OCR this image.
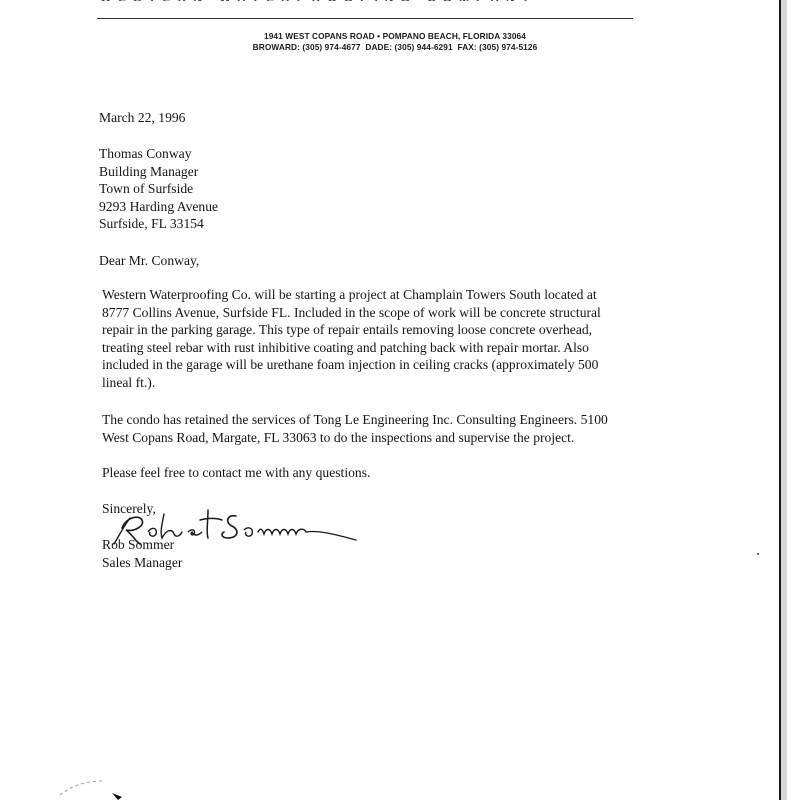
1941 WEST COPANS ROAD • POMPANO BEACH, FLORIDA 33064
BROWARD: (305) 974-4677  DADE: (305) 944-6291  FAX: (305) 974-5126
March 22, 1996
Thomas Conway
Building Manager
Town of Surfside
9293 Harding Avenue
Surfside, FL 33154
Dear Mr. Conway,
Western Waterproofing Co. will be starting a project at Champlain Towers South located at
8777 Collins Avenue, Surfside FL. Included in the scope of work will be concrete structural
repair in the parking garage. This type of repair entails removing loose concrete overhead,
treating steel rebar with rust inhibitive coating and patching back with repair mortar. Also
included in the garage will be urethane foam injection in ceiling cracks (approximately 500
lineal ft.).
The condo has retained the services of Tong Le Engineering Inc. Consulting Engineers. 5100
West Copans Road, Margate, FL 33063 to do the inspections and supervise the project.
Please feel free to contact me with any questions.
Sincerely,
Rob Sommer
Sales Manager
